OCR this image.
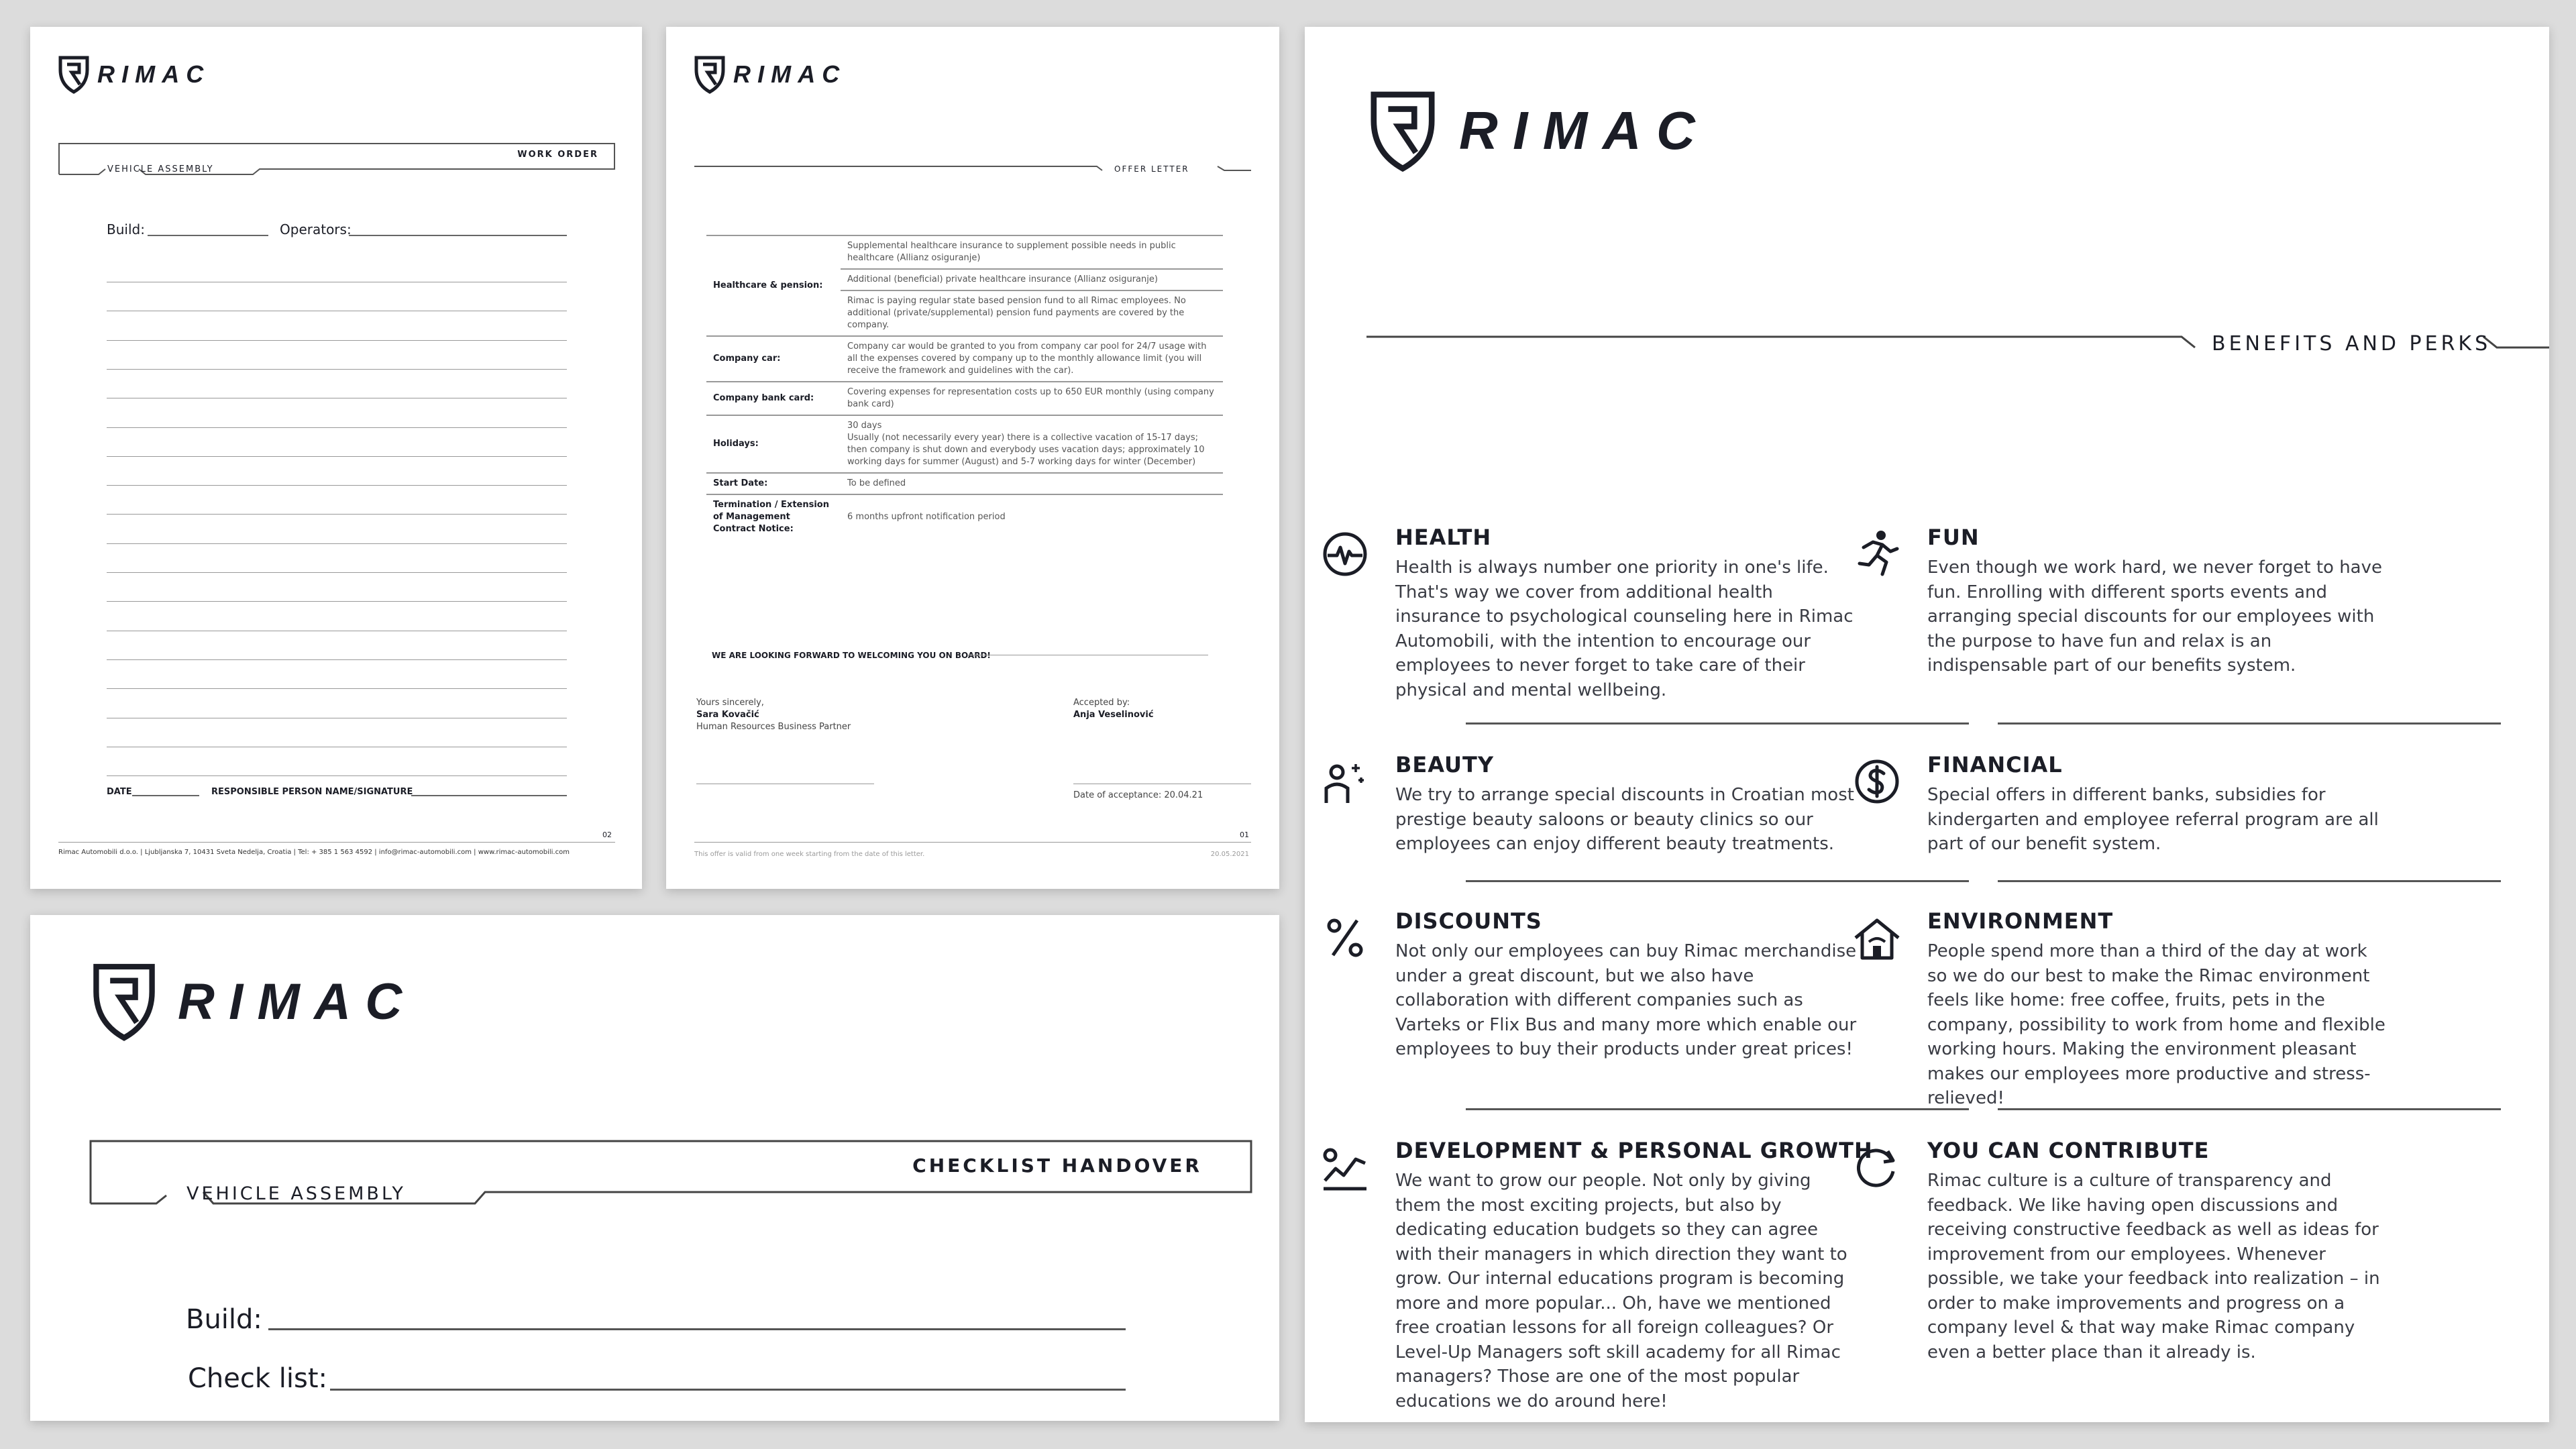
RIMAC
VEHICLE ASSEMBLY
WORK ORDER
Build:	Operators:
DATE	RESPONSIBLE PERSON NAME/SIGNATURE
02
Rimac Automobili d.o.o. | Ljubljanska 7, 10431 Sveta Nedelja, Croatia | Tel: + 385 1 563 4592 | info@rimac-automobili.com | www.rimac-automobili.com
RIMAC
OFFER LETTER
Healthcare & pension:	Supplemental healthcare insurance to supplement possible needs in public healthcare (Allianz osiguranje)
	Additional (beneficial) private healthcare insurance (Allianz osiguranje)
	Rimac is paying regular state based pension fund to all Rimac employees. No additional (private/supplemental) pension fund payments are covered by the company.
Company car:	Company car would be granted to you from company car pool for 24/7 usage with all the expenses covered by company up to the monthly allowance limit (you will receive the framework and guidelines with the car).
Company bank card:	Covering expenses for representation costs up to 650 EUR monthly (using company bank card)
Holidays:	30 days
Usually (not necessarily every year) there is a collective vacation of 15-17 days; then company is shut down and everybody uses vacation days; approximately 10 working days for summer (August) and 5-7 working days for winter (December)
Start Date:	To be defined
Termination / Extension of Management Contract Notice:	6 months upfront notification period
WE ARE LOOKING FORWARD TO WELCOMING YOU ON BOARD!
Yours sincerely,
Sara Kovačić
Human Resources Business Partner
Accepted by:
Anja Veselinović
Date of acceptance: 20.04.21
01
This offer is valid from one week starting from the date of this letter.	20.05.2021
RIMAC
VEHICLE ASSEMBLY
CHECKLIST HANDOVER
Build:
Check list:
RIMAC
BENEFITS AND PERKS
HEALTH

Health is always number one priority in one's life. That's way we cover from additional health insurance to psychological counseling here in Rimac Automobili, with the intention to encourage our employees to never forget to take care of their physical and mental wellbeing.

FUN

Even though we work hard, we never forget to have fun. Enrolling with different sports events and arranging special discounts for our employees with the purpose to have fun and relax is an indispensable part of our benefits system.

BEAUTY

We try to arrange special discounts in Croatian most prestige beauty saloons or beauty clinics so our employees can enjoy different beauty treatments.

FINANCIAL

Special offers in different banks, subsidies for kindergarten and employee referral program are all part of our benefit system.

DISCOUNTS

Not only our employees can buy Rimac merchandise under a great discount, but we also have collaboration with different companies such as Varteks or Flix Bus and many more which enable our employees to buy their products under great prices!

ENVIRONMENT

People spend more than a third of the day at work so we do our best to make the Rimac environment feels like home: free coffee, fruits, pets in the company, possibility to work from home and flexible working hours. Making the environment pleasant makes our employees more productive and stress-relieved!

DEVELOPMENT & PERSONAL GROWTH

We want to grow our people. Not only by giving them the most exciting projects, but also by dedicating education budgets so they can agree with their managers in which direction they want to grow. Our internal educations program is becoming more and more popular... Oh, have we mentioned free croatian lessons for all foreign colleagues? Or Level-Up Managers soft skill academy for all Rimac managers? Those are one of the most popular educations we do around here!

YOU CAN CONTRIBUTE

Rimac culture is a culture of transparency and feedback. We like having open discussions and receiving constructive feedback as well as ideas for improvement from our employees. Whenever possible, we take your feedback into realization – in order to make improvements and progress on a company level & that way make Rimac company even a better place than it already is.
